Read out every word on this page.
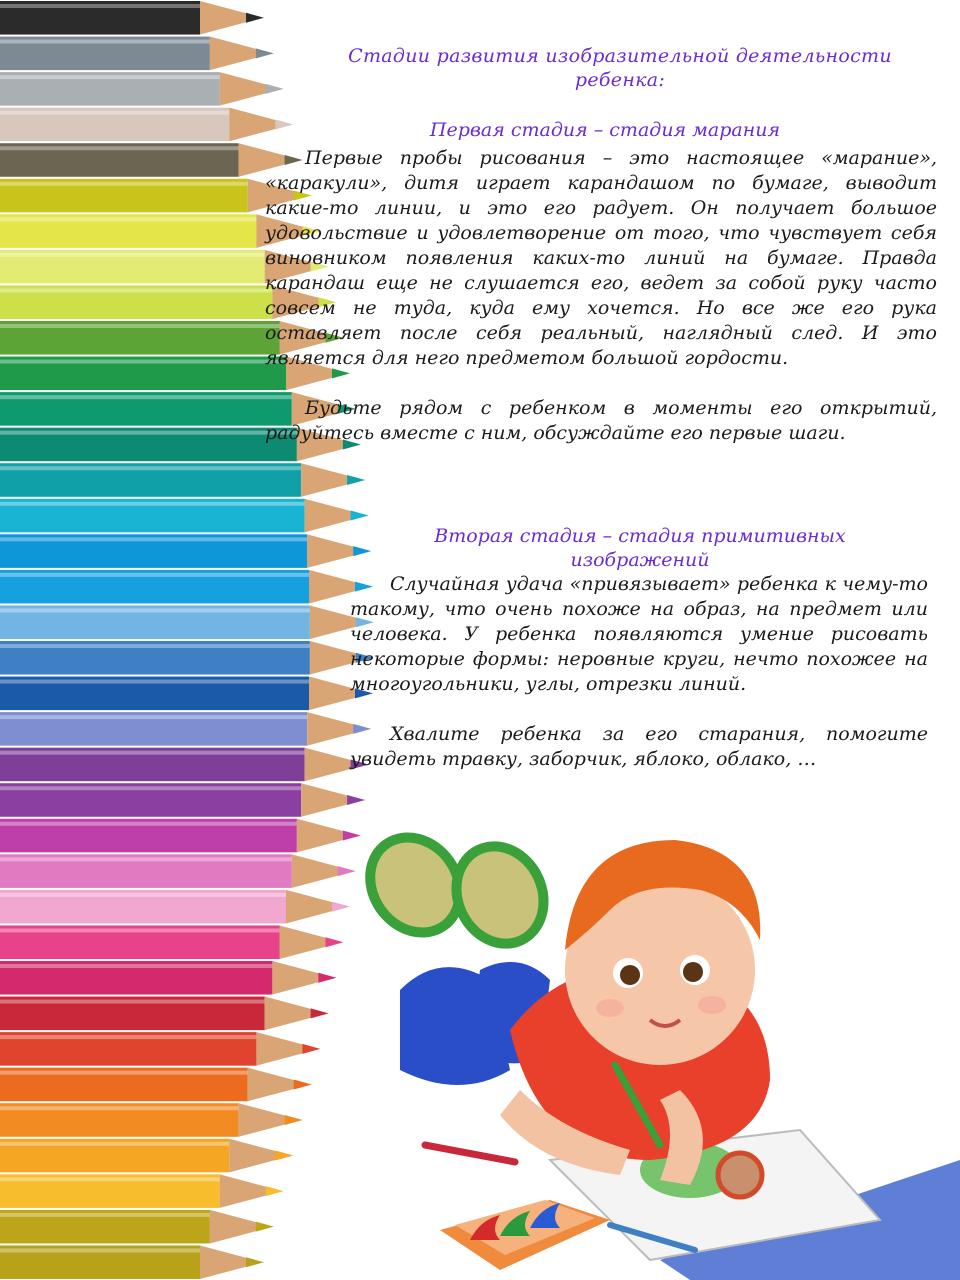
Стадии развития изобразительной деятельности ребенка:
Первая стадия – стадия марания

Первые пробы рисования – это настоящее «марание», «каракули», дитя играет карандашом по бумаге, выводит какие-то линии, и это его радует. Он получает большое удовольствие и удовлетворение от того, что чувствует себя виновником появления каких-то линий на бумаге. Правда карандаш еще не слушается его, ведет за собой руку часто совсем не туда, куда ему хочется. Но все же его рука оставляет после себя реальный, наглядный след. И это является для него предметом большой гордости.

Будьте рядом с ребенком в моменты его открытий, радуйтесь вместе с ним, обсуждайте его первые шаги.

Вторая стадия – стадия примитивных изображений

Случайная удача «привязывает» ребенка к чему-то такому, что очень похоже на образ, на предмет или человека. У ребенка появляются умение рисовать некоторые формы: неровные круги, нечто похожее на многоугольники, углы, отрезки линий.

Хвалите ребенка за его старания, помогите увидеть травку, заборчик, яблоко, облако, …
